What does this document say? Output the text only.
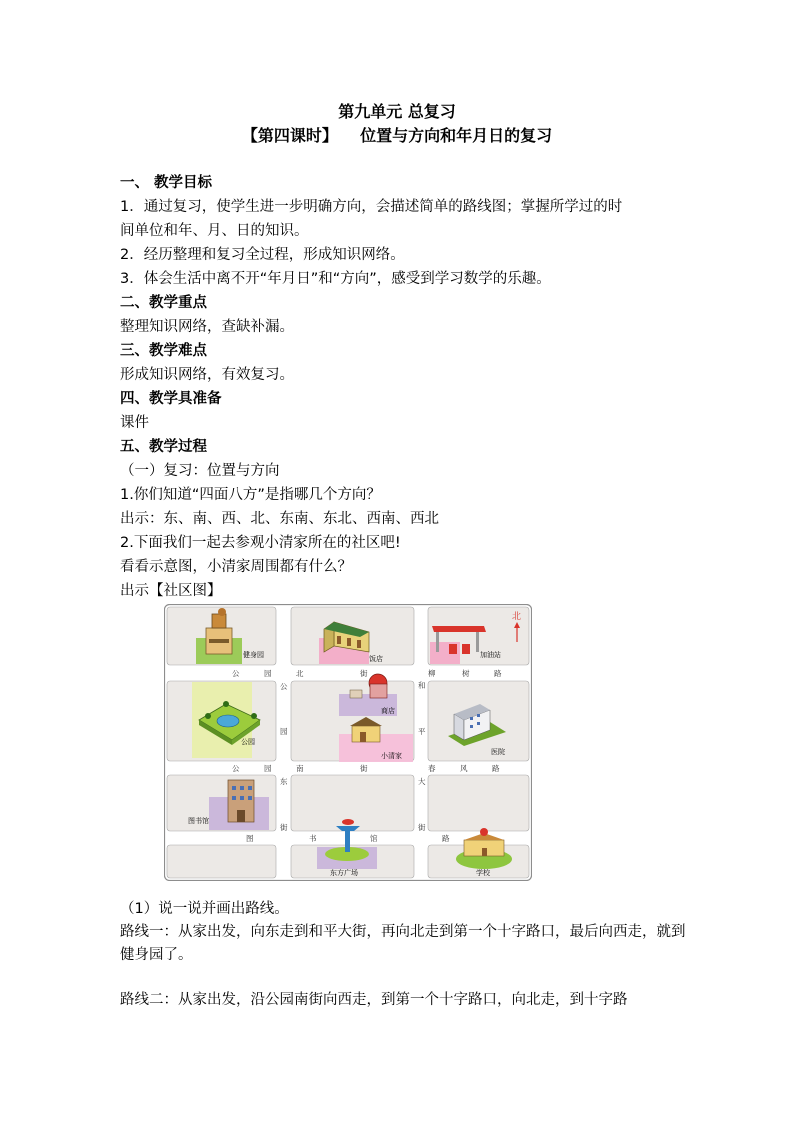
第九单元 总复习
【第四课时】    位置与方向和年月日的复习
一、 教学目标
1．通过复习，使学生进一步明确方向，会描述简单的路线图；掌握所学过的时
间单位和年、月、日的知识。
2．经历整理和复习全过程，形成知识网络。
3．体会生活中离不开“年月日”和“方向”，感受到学习数学的乐趣。
二、教学重点
整理知识网络，查缺补漏。
三、教学难点
形成知识网络，有效复习。
四、教学具准备
课件
五、教学过程
（一）复习：位置与方向
1.你们知道“四面八方”是指哪几个方向？
出示：东、南、西、北、东南、东北、西南、西北
2.下面我们一起去参观小清家所在的社区吧!
看看示意图，小清家周围都有什么？
出示【社区图】
健身园	饭店	加油站
北
公园
商店
小清家	医院
图书馆
东方广场	学校
公	园	北	街	柳	树	路
公	园	南	街	春	风	路
图	书	馆	路
公
园
东
街
和
平
大
街
（1）说一说并画出路线。
路线一：从家出发，向东走到和平大街，再向北走到第一个十字路口，最后向西走，就到
健身园了。
路线二：从家出发，沿公园南街向西走，到第一个十字路口，向北走，到十字路
